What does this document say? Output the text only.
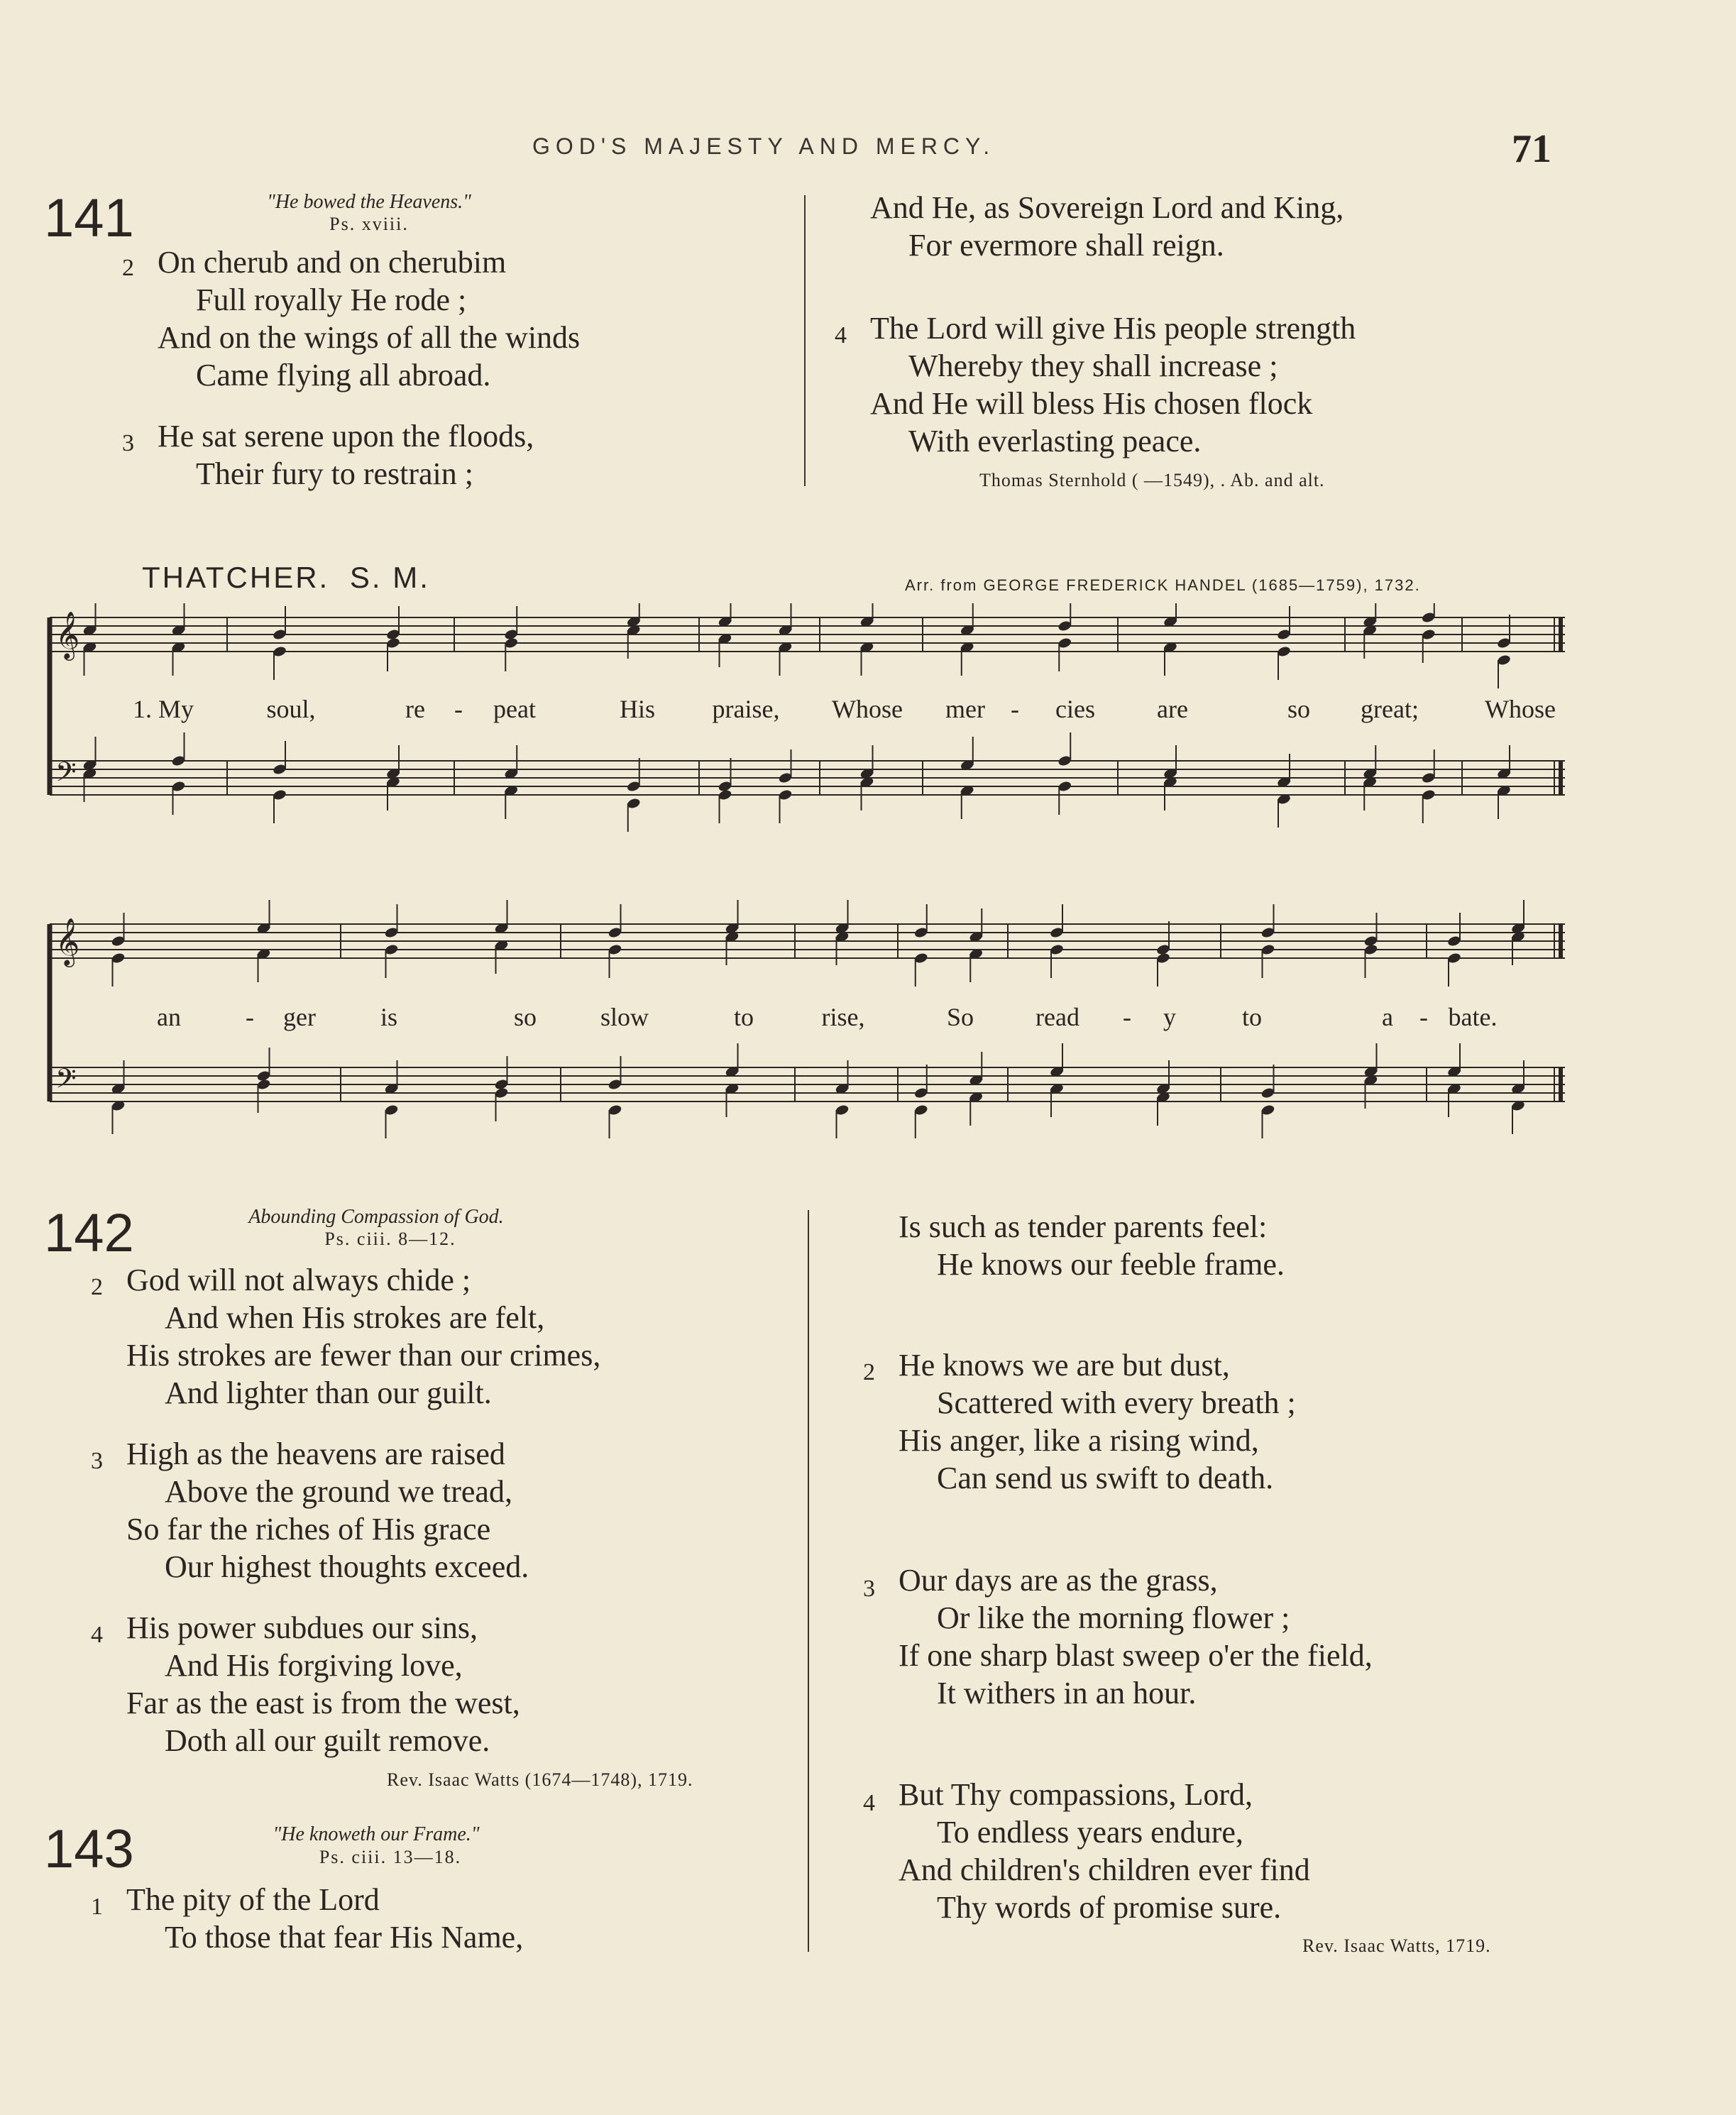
GOD'S MAJESTY AND MERCY.	71
141	"He bowed the Heavens."
Ps. xviii.
2 On cherub and on cherubim
Full royally He rode ;
And on the wings of all the winds
Came flying all abroad.
3 He sat serene upon the floods,
Their fury to restrain ;
And He, as Sovereign Lord and King,
For evermore shall reign.
4 The Lord will give His people strength
Whereby they shall increase ;
And He will bless His chosen flock
With everlasting peace.
Thomas Sternhold ( —1549), . Ab. and alt.
THATCHER. S. M.	Arr. from GEORGE FREDERICK HANDEL (1685—1759), 1732.
𝄞
𝄢
𝄞
𝄢
1. My	soul,	re - peat	His praise, Whose mer - cies are	so great;	Whose
an	- ger	is	so slow	to	rise,	So read - y	to	a - bate.
142	Abounding Compassion of God.
Ps. ciii. 8—12.
2 God will not always chide ;
And when His strokes are felt,
His strokes are fewer than our crimes,
And lighter than our guilt.
3 High as the heavens are raised
Above the ground we tread,
So far the riches of His grace
Our highest thoughts exceed.
4 His power subdues our sins,
And His forgiving love,
Far as the east is from the west,
Doth all our guilt remove.
Rev. Isaac Watts (1674—1748), 1719.
143	"He knoweth our Frame."
Ps. ciii. 13—18.
1 The pity of the Lord
To those that fear His Name,
Is such as tender parents feel:
He knows our feeble frame.
2 He knows we are but dust,
Scattered with every breath ;
His anger, like a rising wind,
Can send us swift to death.
3 Our days are as the grass,
Or like the morning flower ;
If one sharp blast sweep o'er the field,
It withers in an hour.
4 But Thy compassions, Lord,
To endless years endure,
And children's children ever find
Thy words of promise sure.
Rev. Isaac Watts, 1719.
